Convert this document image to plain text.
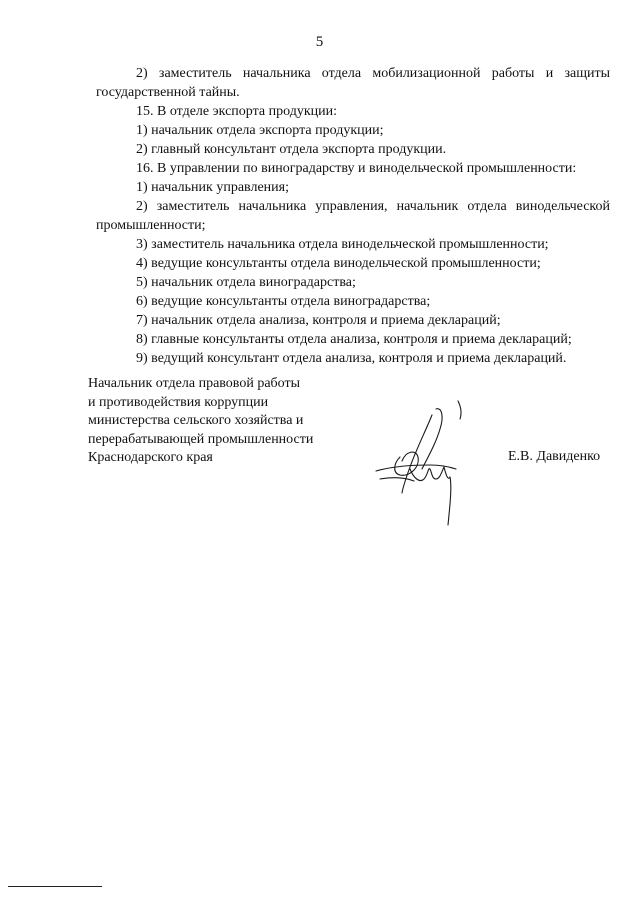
5
2) заместитель начальника отдела мобилизационной работы и защиты государственной тайны.
15. В отделе экспорта продукции:
1) начальник отдела экспорта продукции;
2) главный консультант отдела экспорта продукции.
16. В управлении по виноградарству и винодельческой промышленности:
1) начальник управления;
2) заместитель начальника управления, начальник отдела винодельческой промышленности;
3) заместитель начальника отдела винодельческой промышленности;
4) ведущие консультанты отдела винодельческой промышленности;
5) начальник отдела виноградарства;
6) ведущие консультанты отдела виноградарства;
7) начальник отдела анализа, контроля и приема деклараций;
8) главные консультанты отдела анализа, контроля и приема деклараций;
9) ведущий консультант отдела анализа, контроля и приема деклараций.
Начальник отдела правовой работы
и противодействия коррупции
министерства сельского хозяйства и
перерабатывающей промышленности
Краснодарского края	Е.В. Давиденко
